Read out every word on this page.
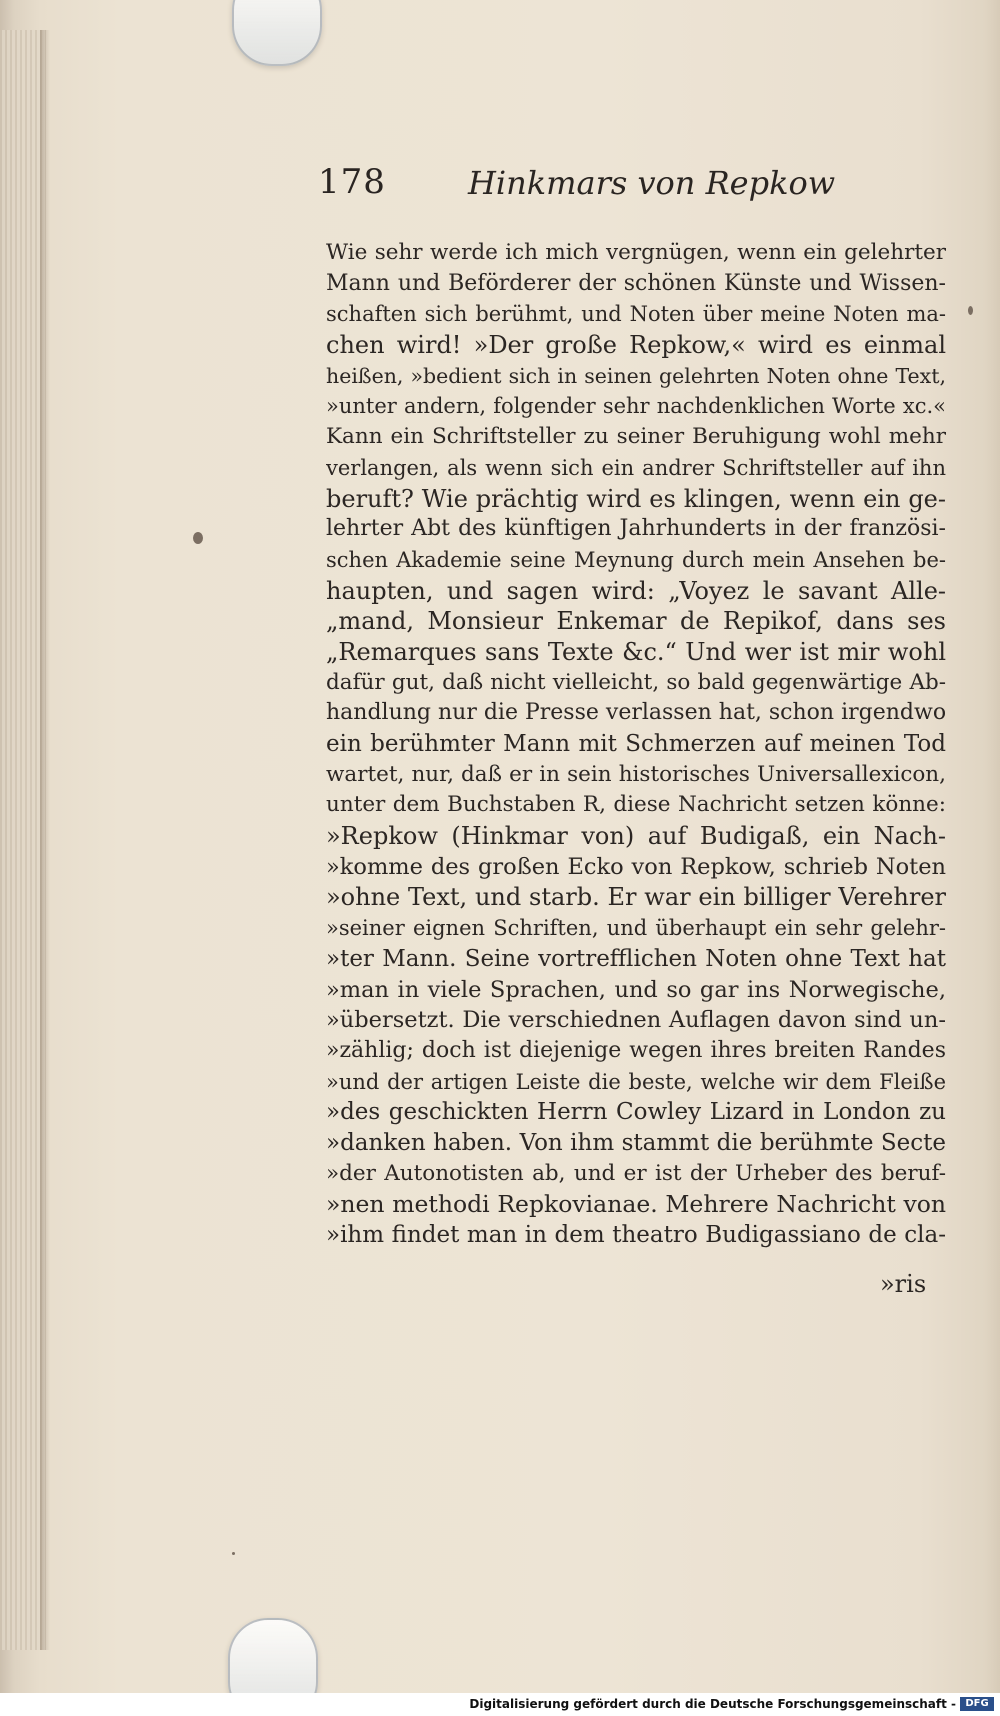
178	Hinkmars von Repkow
Wie sehr werde ich mich vergnügen, wenn ein gelehrter
Mann und Beförderer der schönen Künste und Wissen-
schaften sich berühmt, und Noten über meine Noten ma-
chen wird! »Der große Repkow,« wird es einmal
heißen, »bedient sich in seinen gelehrten Noten ohne Text,
»unter andern, folgender sehr nachdenklichen Worte xc.«
Kann ein Schriftsteller zu seiner Beruhigung wohl mehr
verlangen, als wenn sich ein andrer Schriftsteller auf ihn
beruft? Wie prächtig wird es klingen, wenn ein ge-
lehrter Abt des künftigen Jahrhunderts in der französi-
schen Akademie seine Meynung durch mein Ansehen be-
haupten, und sagen wird: „Voyez le savant Alle-
„mand, Monsieur Enkemar de Repikof, dans ses
„Remarques sans Texte &c.“ Und wer ist mir wohl
dafür gut, daß nicht vielleicht, so bald gegenwärtige Ab-
handlung nur die Presse verlassen hat, schon irgendwo
ein berühmter Mann mit Schmerzen auf meinen Tod
wartet, nur, daß er in sein historisches Universallexicon,
unter dem Buchstaben R, diese Nachricht setzen könne:
»Repkow (Hinkmar von) auf Budigaß, ein Nach-
»komme des großen Ecko von Repkow, schrieb Noten
»ohne Text, und starb. Er war ein billiger Verehrer
»seiner eignen Schriften, und überhaupt ein sehr gelehr-
»ter Mann. Seine vortrefflichen Noten ohne Text hat
»man in viele Sprachen, und so gar ins Norwegische,
»übersetzt. Die verschiednen Auflagen davon sind un-
»zählig; doch ist diejenige wegen ihres breiten Randes
»und der artigen Leiste die beste, welche wir dem Fleiße
»des geschickten Herrn Cowley Lizard in London zu
»danken haben. Von ihm stammt die berühmte Secte
»der Autonotisten ab, und er ist der Urheber des beruf-
»nen methodi Repkovianae. Mehrere Nachricht von
»ihm findet man in dem theatro Budigassiano de cla-
»ris
Digitalisierung gefördert durch die Deutsche Forschungsgemeinschaft - DFG
